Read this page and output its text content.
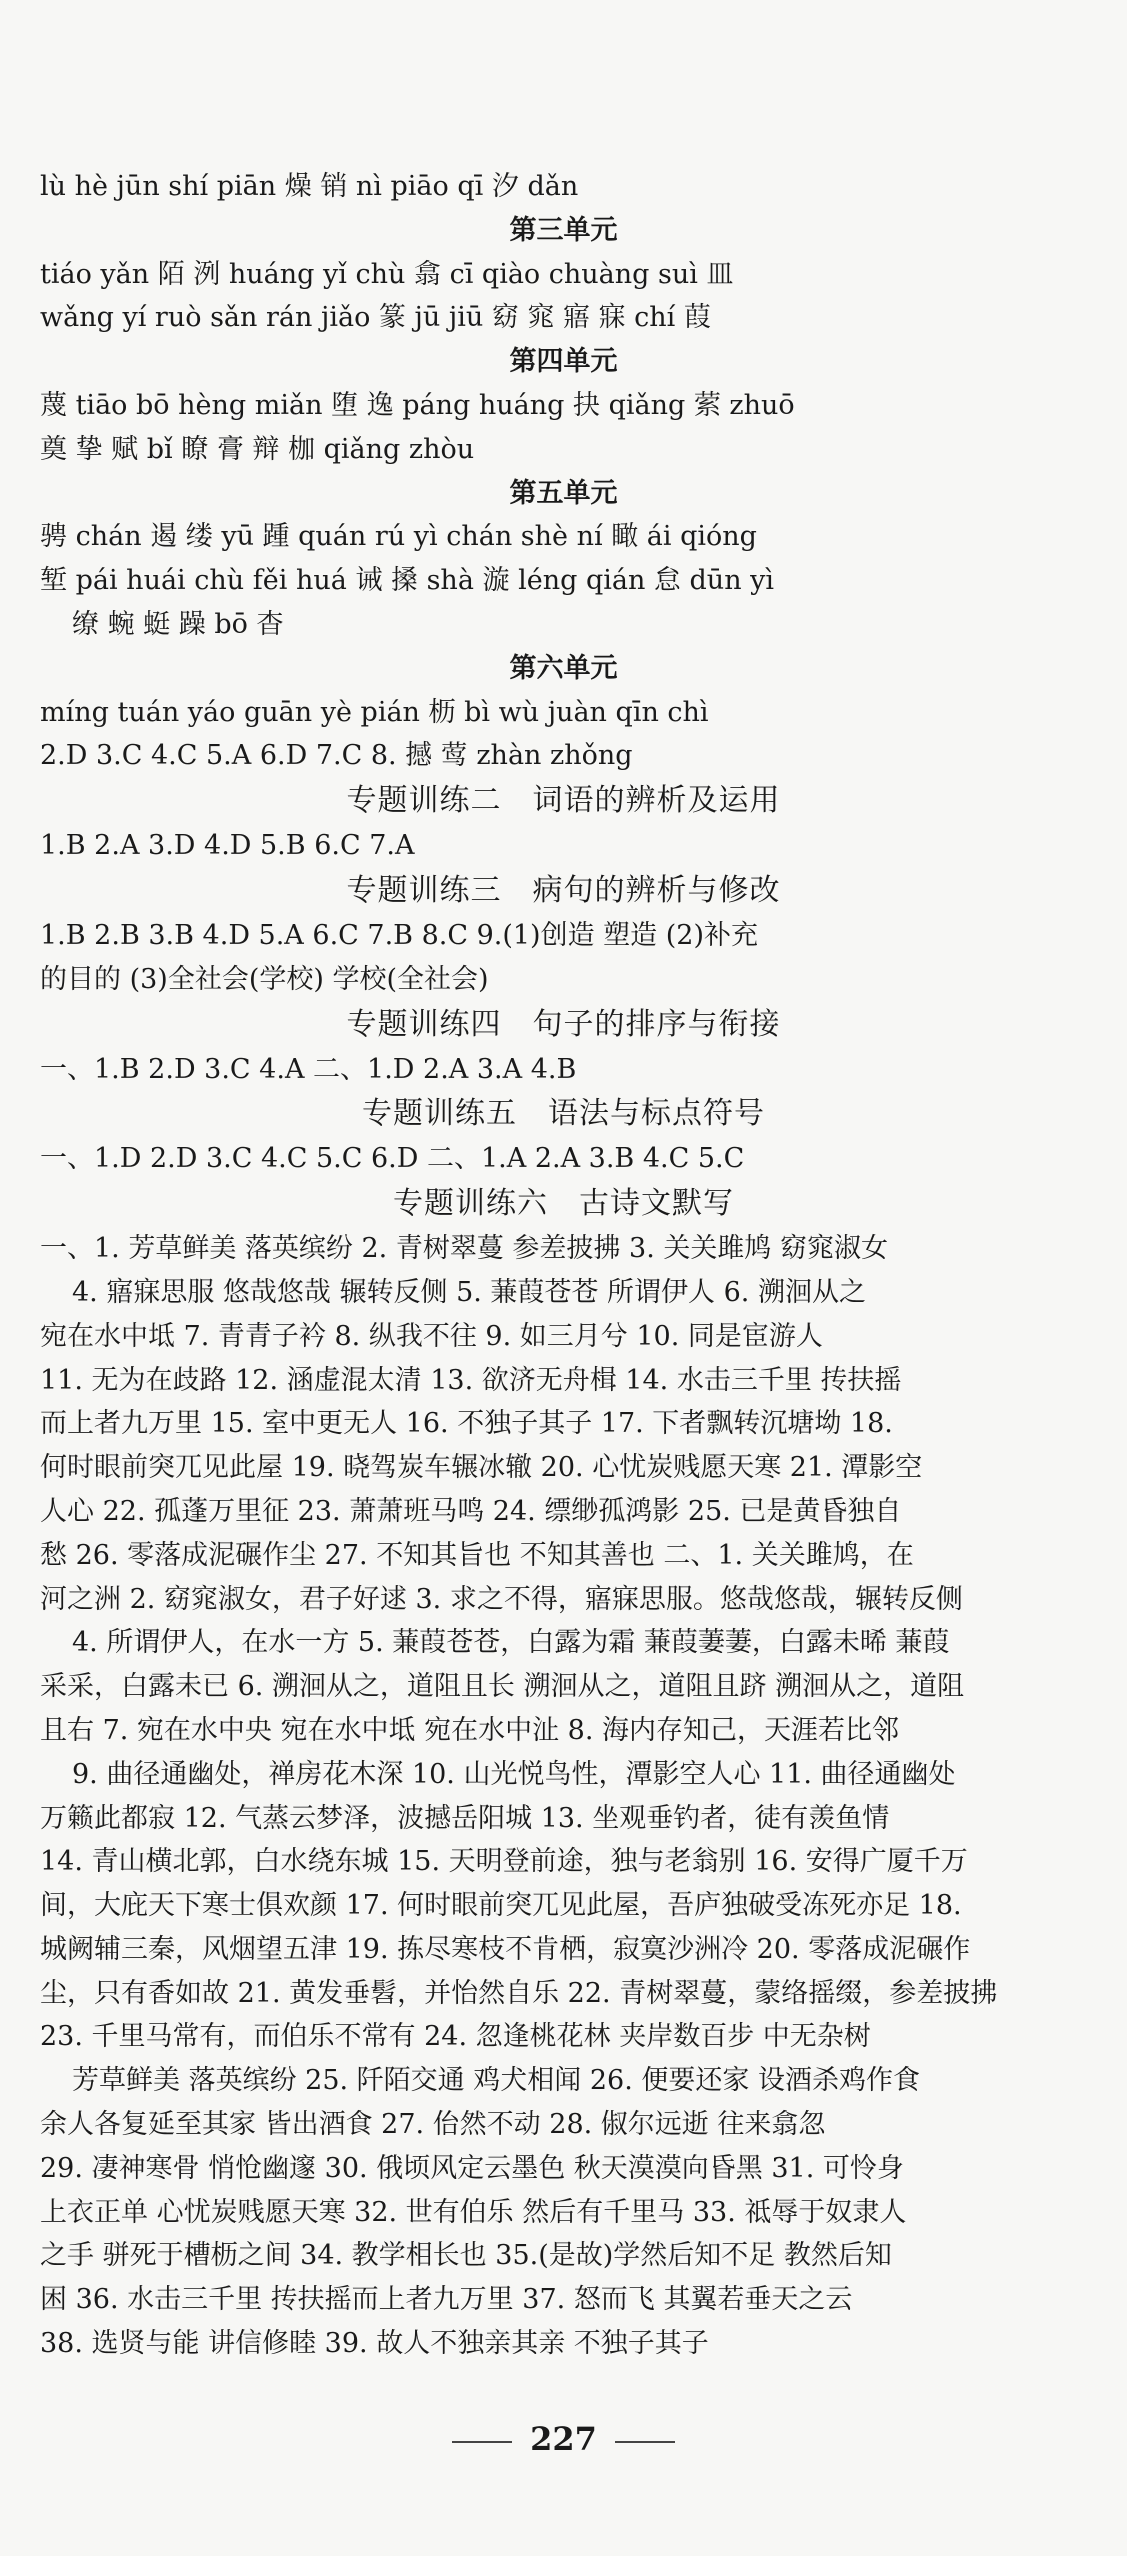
lù hè jūn shí piān 燥 销 nì piāo qī 汐 dǎn
第三单元
tiáo yǎn 陌 洌 huáng yǐ chù 翕 cī qiào chuàng suì 皿
wǎng yí ruò sǎn rán jiǎo 篆 jū jiū 窈 窕 寤 寐 chí 葭
第四单元
蔑 tiāo bō hèng miǎn 堕 逸 páng huáng 抉 qiǎng 萦 zhuō
奠 挚 赋 bǐ 瞭 膏 辩 枷 qiǎng zhòu
第五单元
骋 chán 遏 缕 yū 踵 quán rú yì chán shè ní 瞰 ái qióng
堑 pái huái chù fěi huá 诫 搡 shà 漩 léng qián 怠 dūn yì
缭 蜿 蜓 躁 bō 杳
第六单元
míng tuán yáo guān yè pián 枥 bì wù juàn qīn chì
2.D 3.C 4.C 5.A 6.D 7.C 8. 撼 莺 zhàn zhǒng
专题训练二　词语的辨析及运用
1.B 2.A 3.D 4.D 5.B 6.C 7.A
专题训练三　病句的辨析与修改
1.B 2.B 3.B 4.D 5.A 6.C 7.B 8.C 9.(1)创造 塑造 (2)补充
的目的 (3)全社会(学校) 学校(全社会)
专题训练四　句子的排序与衔接
一、1.B 2.D 3.C 4.A 二、1.D 2.A 3.A 4.B
专题训练五　语法与标点符号
一、1.D 2.D 3.C 4.C 5.C 6.D 二、1.A 2.A 3.B 4.C 5.C
专题训练六　古诗文默写
一、1. 芳草鲜美 落英缤纷 2. 青树翠蔓 参差披拂 3. 关关雎鸠 窈窕淑女
4. 寤寐思服 悠哉悠哉 辗转反侧 5. 蒹葭苍苍 所谓伊人 6. 溯洄从之
宛在水中坻 7. 青青子衿 8. 纵我不往 9. 如三月兮 10. 同是宦游人
11. 无为在歧路 12. 涵虚混太清 13. 欲济无舟楫 14. 水击三千里 抟扶摇
而上者九万里 15. 室中更无人 16. 不独子其子 17. 下者飘转沉塘坳 18.
何时眼前突兀见此屋 19. 晓驾炭车辗冰辙 20. 心忧炭贱愿天寒 21. 潭影空
人心 22. 孤蓬万里征 23. 萧萧班马鸣 24. 缥缈孤鸿影 25. 已是黄昏独自
愁 26. 零落成泥碾作尘 27. 不知其旨也 不知其善也 二、1. 关关雎鸠，在
河之洲 2. 窈窕淑女，君子好逑 3. 求之不得，寤寐思服。悠哉悠哉，辗转反侧
4. 所谓伊人，在水一方 5. 蒹葭苍苍，白露为霜 蒹葭萋萋，白露未晞 蒹葭
采采，白露未已 6. 溯洄从之，道阻且长 溯洄从之，道阻且跻 溯洄从之，道阻
且右 7. 宛在水中央 宛在水中坻 宛在水中沚 8. 海内存知己，天涯若比邻
9. 曲径通幽处，禅房花木深 10. 山光悦鸟性，潭影空人心 11. 曲径通幽处
万籁此都寂 12. 气蒸云梦泽，波撼岳阳城 13. 坐观垂钓者，徒有羡鱼情
14. 青山横北郭，白水绕东城 15. 天明登前途，独与老翁别 16. 安得广厦千万
间，大庇天下寒士俱欢颜 17. 何时眼前突兀见此屋，吾庐独破受冻死亦足 18.
城阙辅三秦，风烟望五津 19. 拣尽寒枝不肯栖，寂寞沙洲冷 20. 零落成泥碾作
尘，只有香如故 21. 黄发垂髫，并怡然自乐 22. 青树翠蔓，蒙络摇缀，参差披拂
23. 千里马常有，而伯乐不常有 24. 忽逢桃花林 夹岸数百步 中无杂树
芳草鲜美 落英缤纷 25. 阡陌交通 鸡犬相闻 26. 便要还家 设酒杀鸡作食
余人各复延至其家 皆出酒食 27. 佁然不动 28. 俶尔远逝 往来翕忽
29. 凄神寒骨 悄怆幽邃 30. 俄顷风定云墨色 秋天漠漠向昏黑 31. 可怜身
上衣正单 心忧炭贱愿天寒 32. 世有伯乐 然后有千里马 33. 祗辱于奴隶人
之手 骈死于槽枥之间 34. 教学相长也 35.(是故)学然后知不足 教然后知
困 36. 水击三千里 抟扶摇而上者九万里 37. 怒而飞 其翼若垂天之云
38. 选贤与能 讲信修睦 39. 故人不独亲其亲 不独子其子
227
